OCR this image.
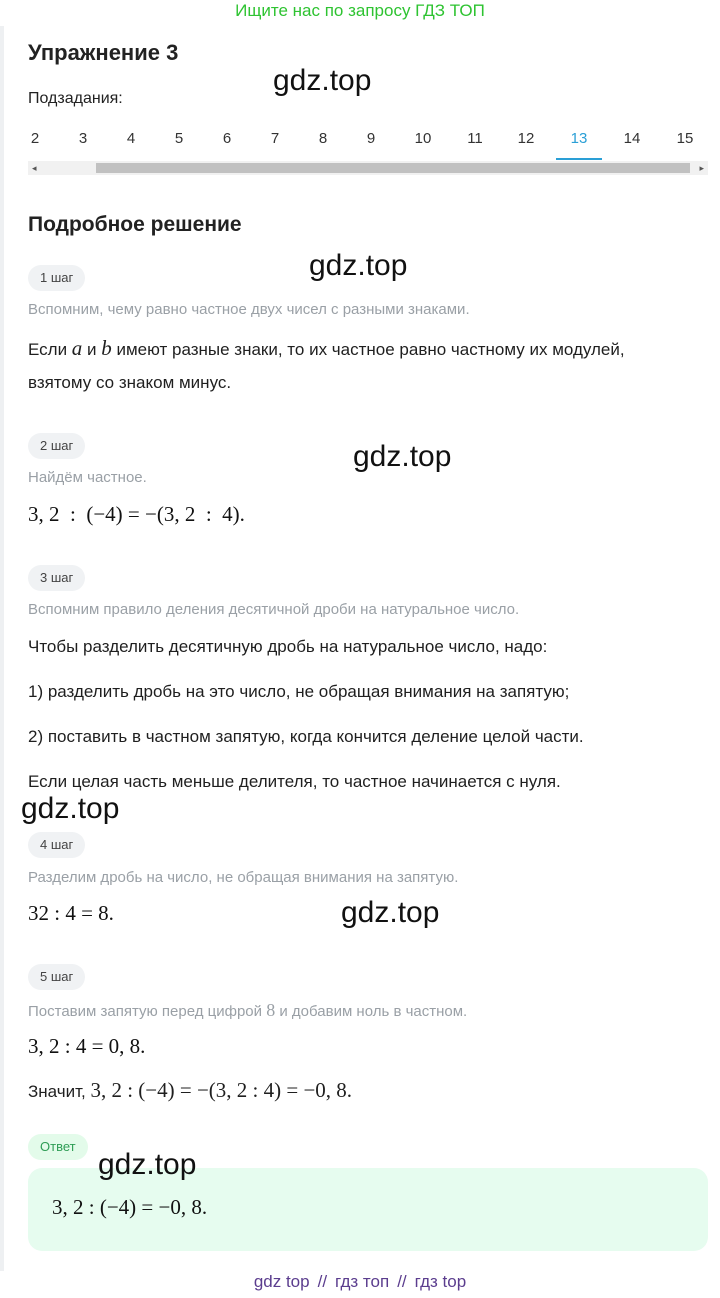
Ищите нас по запросу ГДЗ ТОП
Упражнение 3
gdz.top
Подзадания:
2	3	4	5	6	7	8	9	10	11	12	13	14	15
◂	▸
Подробное решение
1 шаг	gdz.top
Вспомним, чему равно частное двух чисел с разными знаками.
Если a и b имеют разные знаки, то их частное равно частному их модулей,
взятому со знаком минус.
2 шаг	gdz.top
Найдём частное.
3, 2  :  (−4) = −(3, 2  :  4).
3 шаг
Вспомним правило деления десятичной дроби на натуральное число.
Чтобы разделить десятичную дробь на натуральное число, надо:
1) разделить дробь на это число, не обращая внимания на запятую;
2) поставить в частном запятую, когда кончится деление целой части.
Если целая часть меньше делителя, то частное начинается с нуля.
gdz.top
4 шаг
Разделим дробь на число, не обращая внимания на запятую.
32 : 4 = 8.	gdz.top
5 шаг
Поставим запятую перед цифрой 8 и добавим ноль в частном.
3, 2 : 4 = 0, 8.
Значит, 3, 2 : (−4) = −(3, 2 : 4) = −0, 8.
Ответ
3, 2 : (−4) = −0, 8.
gdz.top
gdz top // гдз топ // гдз top
